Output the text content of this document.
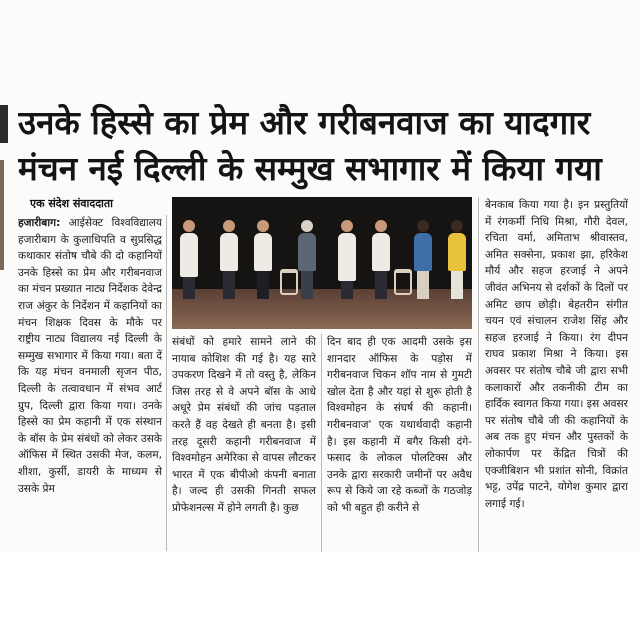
उनके हिस्से का प्रेम और गरीबनवाज का यादगार
मंचन नई दिल्ली के सम्मुख सभागार में किया गया
एक संदेश संवाददाता
हजारीबाग: आईसेक्ट विश्वविद्यालय हजारीबाग के कुलाधिपति व सुप्रसिद्ध कथाकार संतोष चौबे की दो कहानियों उनके हिस्से का प्रेम और गरीबनवाज का मंचन प्रख्यात नाट्य निर्देशक देवेन्द्र राज अंकुर के निर्देशन में कहानियों का मंचन शिक्षक दिवस के मौके पर राष्ट्रीय नाट्य विद्यालय नई दिल्ली के सम्मुख सभागार में किया गया। बता दें कि यह मंचन वनमाली सृजन पीठ, दिल्ली के तत्वावधान में संभव आर्ट ग्रुप, दिल्ली द्वारा किया गया। उनके हिस्से का प्रेम कहानी में एक संस्थान के बॉस के प्रेम संबंधों को लेकर उसके ऑफिस में स्थित उसकी मेज, कलम, शीशा, कुर्सी, डायरी के माध्यम से उसके प्रेम
संबंधों को हमारे सामने लाने की नायाब कोशिश की गई है। यह सारे उपकरण दिखने में तो वस्तु है, लेकिन जिस तरह से वे अपने बॉस के आधे अधूरे प्रेम संबंधों की जांच पड़ताल करते हैं वह देखते ही बनता है। इसी तरह दूसरी कहानी गरीबनवाज में विश्वमोहन अमेरिका से वापस लौटकर भारत में एक बीपीओ कंपनी बनाता है। जल्द ही उसकी गिनती सफल प्रोफेशनल्स में होने लगती है। कुछ
दिन बाद ही एक आदमी उसके इस शानदार ऑफिस के पड़ोस में गरीबनवाज चिकन शॉप नाम से गुमटी खोल देता है और यहां से शुरू होती है विश्वमोहन के संघर्ष की कहानी। गरीबनवाज' एक यथार्थवादी कहानी है। इस कहानी में बगैर किसी दंगे-फसाद के लोकल पोलटिक्स और उनके द्वारा सरकारी जमीनों पर अवैध रूप से किये जा रहे कब्जों के गठजोड़ को भी बहुत ही करीने से
बेनकाब किया गया है। इन प्रस्तुतियों में रंगकर्मी निधि मिश्रा, गौरी देवल, रचिता वर्मा, अमिताभ श्रीवास्तव, अमित सक्सेना, प्रकाश झा, हरिकेश मौर्य और सहज हरजाई ने अपने जीवंत अभिनय से दर्शकों के दिलों पर अमिट छाप छोड़ी। बेहतरीन संगीत चयन एवं संचालन राजेश सिंह और सहज हरजाई ने किया। रंग दीपन राघव प्रकाश मिश्रा ने किया। इस अवसर पर संतोष चौबे जी द्वारा सभी कलाकारों और तकनीकी टीम का हार्दिक स्वागत किया गया। इस अवसर पर संतोष चौबे जी की कहानियों के अब तक हुए मंचन और पुस्तकों के लोकार्पण पर केंद्रित चित्रों की एक्जीबिशन भी प्रशांत सोनी, विक्रांत भट्ट, उपेंद्र पाटने, योगेश कुमार द्वारा लगाई गई।
